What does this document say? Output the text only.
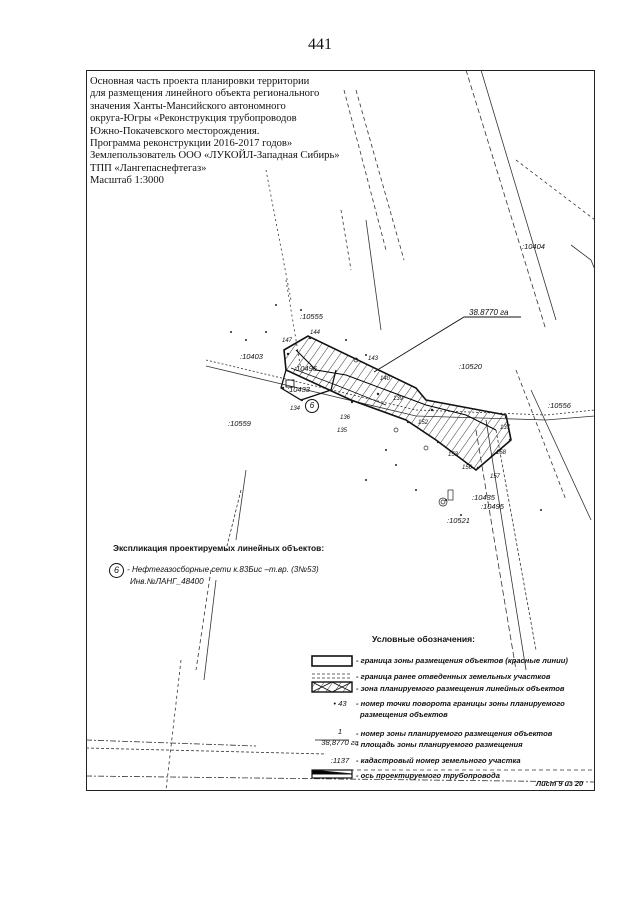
441
Основная часть проекта планировки территории
для размещения линейного объекта регионального
значения Ханты-Мансийского автономного
округа-Югры «Реконструкция трубопроводов
Южно-Покачевского месторождения.
Программа реконструкции 2016-2017 годов»
Землепользователь ООО «ЛУКОЙЛ-Западная Сибирь»
ТПП «Лангепаснефтегаз»
Масштаб 1:3000
:10404
:10555
:10403
:10520
:10556
:10559
:10521
:10495
:10435
:10496
:10433
38.8770 га
6
147
144
143
140
139
136
135
134
137
158
157
156
153
152
Экспликация проектируемых линейных объектов:
6 - Нефтегазосборные сети к.83Бис –т.вр. (3№53)
Инв.№ЛАНГ_48400
Условные обозначения:
- граница зоны размещения объектов (красные линии)
- граница ранее отведенных земельных участков
- зона планируемого размещения линейных объектов
• 43	- номер точки поворота границы зоны планируемого
размещения объектов
1
38,8770 га
- номер зоны планируемого размещения объектов
- площадь зоны планируемого размещения
:1137 - кадастровый номер земельного участка
- ось проектируемого трубопровода
Лист 9 из 20
